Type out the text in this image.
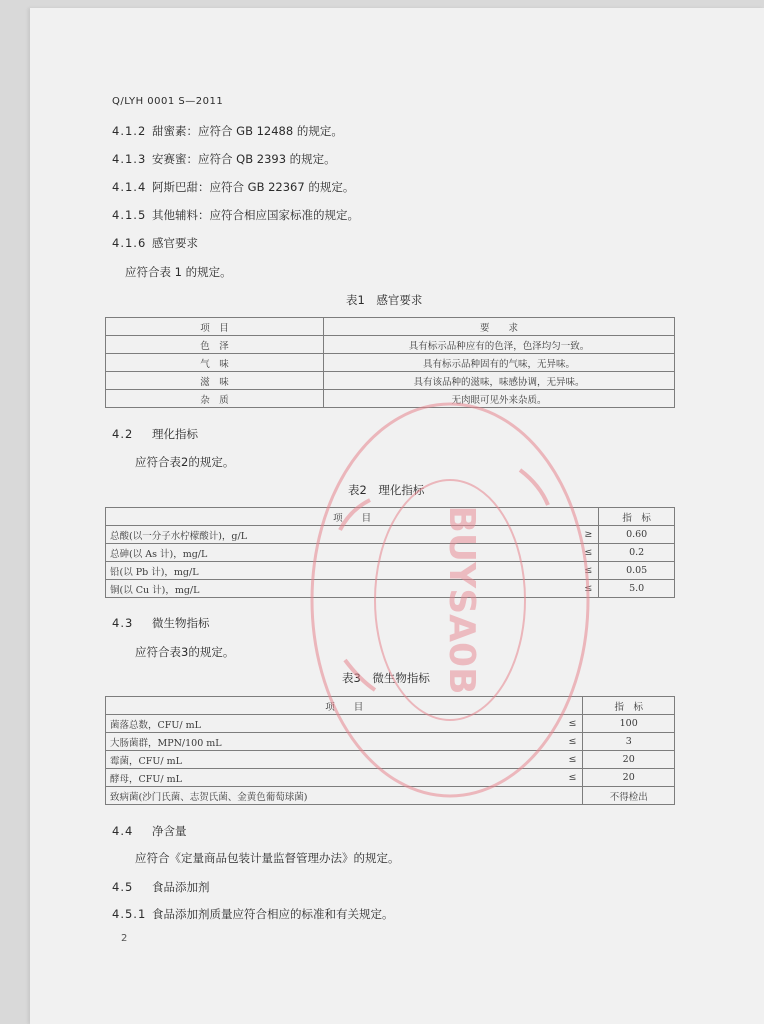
Q/LYH 0001 S—2011
4.1.2 甜蜜素：应符合 GB 12488 的规定。
4.1.3 安赛蜜：应符合 QB 2393 的规定。
4.1.4 阿斯巴甜：应符合 GB 22367 的规定。
4.1.5 其他辅料：应符合相应国家标准的规定。
4.1.6 感官要求
应符合表 1 的规定。
表1　感官要求
项　目	要　　求
色　泽	具有标示品种应有的色泽，色泽均匀一致。
气　味	具有标示品种固有的气味，无异味。
滋　味	具有该品种的滋味，味感协调，无异味。
杂　质	无肉眼可见外来杂质。
4.2 理化指标
应符合表2的规定。
表2　理化指标
项　　目		指　标
总酸(以一分子水柠檬酸计)，g/L	≥	0.60
总砷(以 As 计)，mg/L	≤	0.2
铅(以 Pb 计)，mg/L	≤	0.05
铜(以 Cu 计)，mg/L	≤	5.0
4.3 微生物指标
应符合表3的规定。
表3　微生物指标
项　　目		指　标
菌落总数，CFU/ mL	≤	100
大肠菌群，MPN/100 mL	≤	3
霉菌，CFU/ mL	≤	20
酵母，CFU/ mL	≤	20
致病菌(沙门氏菌、志贺氏菌、金黄色葡萄球菌)		不得检出
4.4 净含量
应符合《定量商品包装计量监督管理办法》的规定。
4.5 食品添加剂
4.5.1 食品添加剂质量应符合相应的标准和有关规定。
2
BUYSA0B
